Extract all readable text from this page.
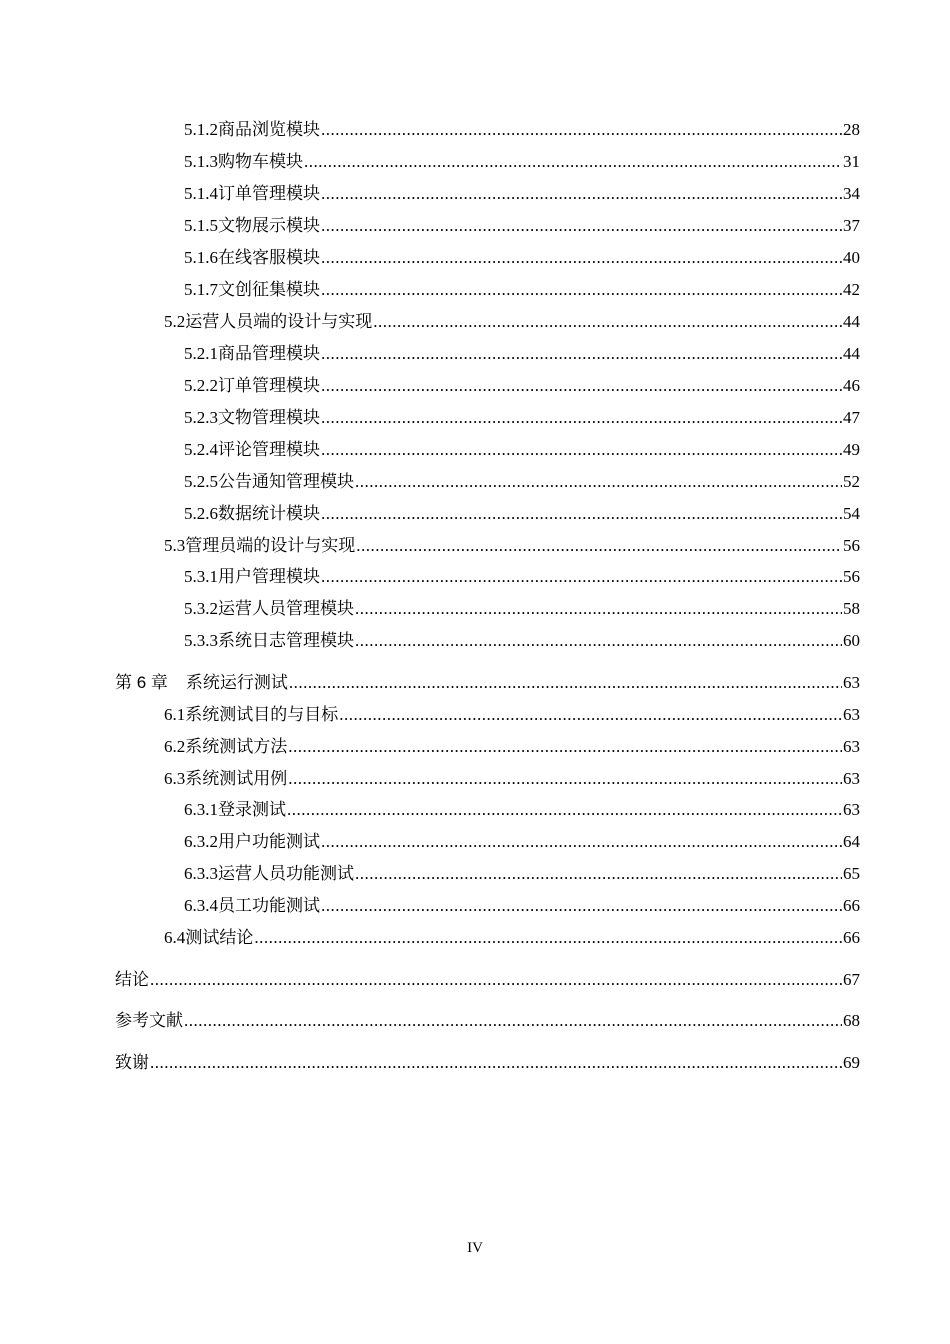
5.1.2 商品浏览模块 .....	28
5.1.3 购物车模块 .....	31
5.1.4 订单管理模块 .....	34
5.1.5 文物展示模块 .....	37
5.1.6 在线客服模块 .....	40
5.1.7 文创征集模块 .....	42
5.2 运营人员端的设计与实现 .....	44
5.2.1 商品管理模块 .....	44
5.2.2 订单管理模块 .....	46
5.2.3 文物管理模块 .....	47
5.2.4 评论管理模块 .....	49
5.2.5 公告通知管理模块 .....	52
5.2.6 数据统计模块 .....	54
5.3 管理员端的设计与实现 .....	56
5.3.1 用户管理模块 .....	56
5.3.2 运营人员管理模块 .....	58
5.3.3 系统日志管理模块 .....	60
第 6 章 系统运行测试 .....	63
6.1 系统测试目的与目标 .....	63
6.2 系统测试方法 .....	63
6.3 系统测试用例 .....	63
6.3.1 登录测试 .....	63
6.3.2 用户功能测试 .....	64
6.3.3 运营人员功能测试 .....	65
6.3.4 员工功能测试 .....	66
6.4 测试结论 .....	66
结论 .....	67
参考文献 .....	68
致谢 .....	69
IV
